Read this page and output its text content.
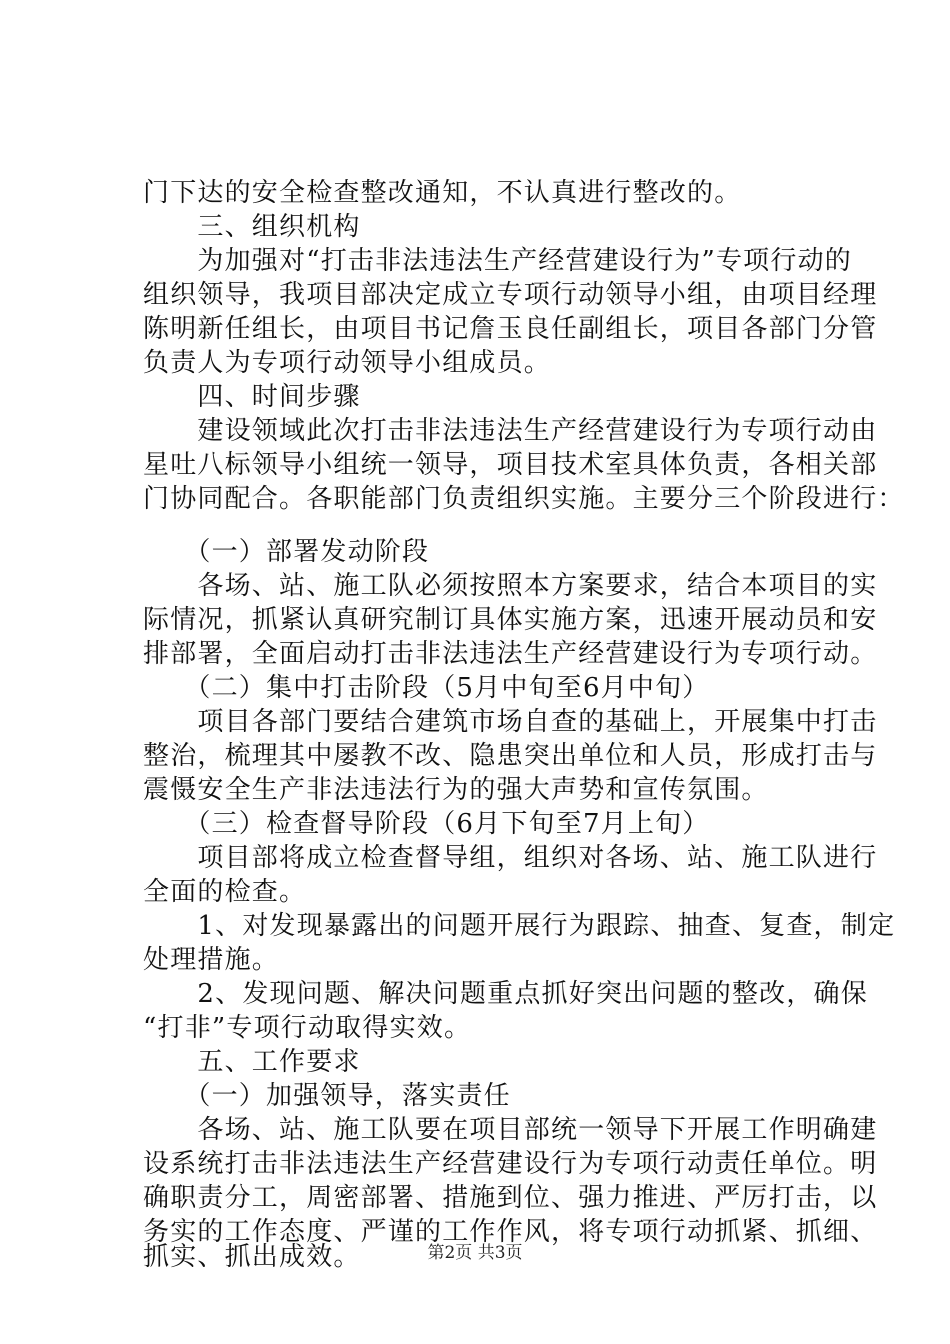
门下达的安全检查整改通知，不认真进行整改的。
　　三、组织机构
　　为加强对“打击非法违法生产经营建设行为”专项行动的
组织领导，我项目部决定成立专项行动领导小组，由项目经理
陈明新任组长，由项目书记詹玉良任副组长，项目各部门分管
负责人为专项行动领导小组成员。
　　四、时间步骤
　　建设领域此次打击非法违法生产经营建设行为专项行动由
星吐八标领导小组统一领导，项目技术室具体负责，各相关部
门协同配合。各职能部门负责组织实施。主要分三个阶段进行：
　　（一）部署发动阶段
　　各场、站、施工队必须按照本方案要求，结合本项目的实
际情况，抓紧认真研究制订具体实施方案，迅速开展动员和安
排部署，全面启动打击非法违法生产经营建设行为专项行动。
　　（二）集中打击阶段（5月中旬至6月中旬）
　　项目各部门要结合建筑市场自查的基础上，开展集中打击
整治，梳理其中屡教不改、隐患突出单位和人员，形成打击与
震慑安全生产非法违法行为的强大声势和宣传氛围。
　　（三）检查督导阶段（6月下旬至7月上旬）
　　项目部将成立检查督导组，组织对各场、站、施工队进行
全面的检查。
　　1、对发现暴露出的问题开展行为跟踪、抽查、复查，制定
处理措施。
　　2、发现问题、解决问题重点抓好突出问题的整改，确保
“打非”专项行动取得实效。
　　五、工作要求
　　（一）加强领导，落实责任
　　各场、站、施工队要在项目部统一领导下开展工作明确建
设系统打击非法违法生产经营建设行为专项行动责任单位。明
确职责分工，周密部署、措施到位、强力推进、严厉打击，以
务实的工作态度、严谨的工作作风，将专项行动抓紧、抓细、
抓实、抓出成效。	第2页 共3页
